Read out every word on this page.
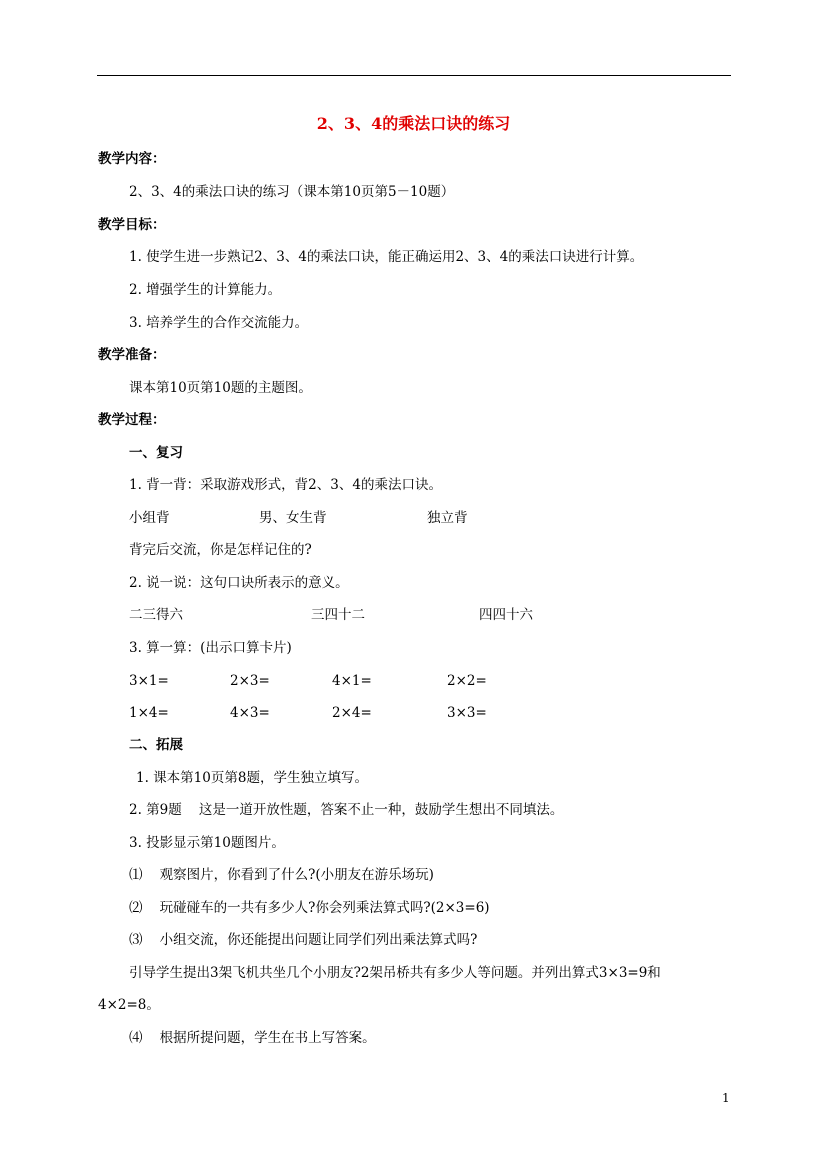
2、3、4的乘法口诀的练习
教学内容：
2、3、4的乘法口诀的练习（课本第10页第5－10题）
教学目标：
1. 使学生进一步熟记2、3、4的乘法口诀，能正确运用2、3、4的乘法口诀进行计算。
2. 增强学生的计算能力。
3. 培养学生的合作交流能力。
教学准备：
课本第10页第10题的主题图。
教学过程：
一、复习
1. 背一背：采取游戏形式，背2、3、4的乘法口诀。
小组背	男、女生背	独立背
背完后交流，你是怎样记住的?
2. 说一说：这句口诀所表示的意义。
二三得六	三四十二	四四十六
3. 算一算：(出示口算卡片)
3×1=	2×3=	4×1=	2×2=
1×4=	4×3=	2×4=	3×3=
二、拓展
1. 课本第10页第8题，学生独立填写。
2. 第9题    这是一道开放性题，答案不止一种，鼓励学生想出不同填法。
3. 投影显示第10题图片。
⑴    观察图片，你看到了什么?(小朋友在游乐场玩)
⑵    玩碰碰车的一共有多少人?你会列乘法算式吗?(2×3=6)
⑶    小组交流，你还能提出问题让同学们列出乘法算式吗?
引导学生提出3架飞机共坐几个小朋友?2架吊桥共有多少人等问题。并列出算式3×3=9和
4×2=8。
⑷    根据所提问题，学生在书上写答案。
1
